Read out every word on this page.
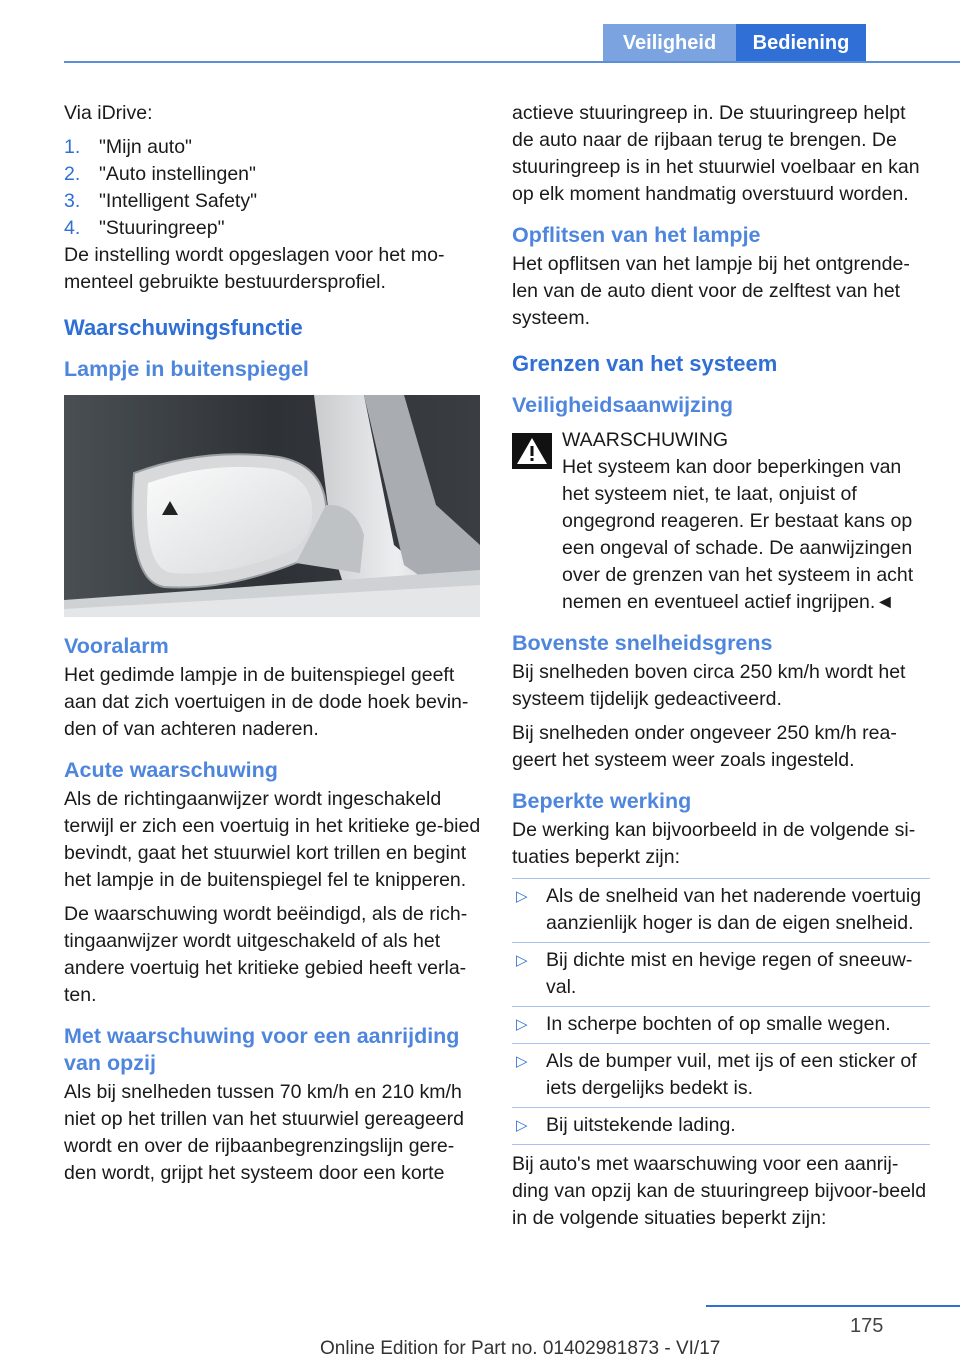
Veiligheid	Bediening

Via iDrive:

1. "Mijn auto"
2. "Auto instellingen"
3. "Intelligent Safety"
4. "Stuuringreep"

De instelling wordt opgeslagen voor het mo-menteel gebruikte bestuurdersprofiel.

Waarschuwingsfunctie
Lampje in buitenspiegel
Vooralarm

Het gedimde lampje in de buitenspiegel geeft aan dat zich voertuigen in de dode hoek bevin-den of van achteren naderen.

Acute waarschuwing

Als de richtingaanwijzer wordt ingeschakeld terwijl er zich een voertuig in het kritieke ge-bied bevindt, gaat het stuurwiel kort trillen en begint het lampje in de buitenspiegel fel te knipperen.

De waarschuwing wordt beëindigd, als de rich-tingaanwijzer wordt uitgeschakeld of als het andere voertuig het kritieke gebied heeft verla-ten.

Met waarschuwing voor een aanrijding van opzij

Als bij snelheden tussen 70 km/h en 210 km/h niet op het trillen van het stuurwiel gereageerd wordt en over de rijbaanbegrenzingslijn gere-den wordt, grijpt het systeem door een korte

actieve stuuringreep in. De stuuringreep helpt de auto naar de rijbaan terug te brengen. De stuuringreep is in het stuurwiel voelbaar en kan op elk moment handmatig overstuurd worden.

Opflitsen van het lampje

Het opflitsen van het lampje bij het ontgrende-len van de auto dient voor de zelftest van het systeem.

Grenzen van het systeem
Veiligheidsaanwijzing
WAARSCHUWING
Het systeem kan door beperkingen van het systeem niet, te laat, onjuist of ongegrond reageren. Er bestaat kans op een ongeval of schade. De aanwijzingen over de grenzen van het systeem in acht nemen en eventueel actief ingrijpen.◄
Bovenste snelheidsgrens

Bij snelheden boven circa 250 km/h wordt het systeem tijdelijk gedeactiveerd.

Bij snelheden onder ongeveer 250 km/h rea-geert het systeem weer zoals ingesteld.

Beperkte werking

De werking kan bijvoorbeeld in de volgende si-tuaties beperkt zijn:

▷ Als de snelheid van het naderende voertuig aanzienlijk hoger is dan de eigen snelheid.
▷ Bij dichte mist en hevige regen of sneeuw-val.
▷ In scherpe bochten of op smalle wegen.
▷ Als de bumper vuil, met ijs of een sticker of iets dergelijks bedekt is.
▷ Bij uitstekende lading.

Bij auto's met waarschuwing voor een aanrij-ding van opzij kan de stuuringreep bijvoor-beeld in de volgende situaties beperkt zijn:

175
Online Edition for Part no. 01402981873 - VI/17
